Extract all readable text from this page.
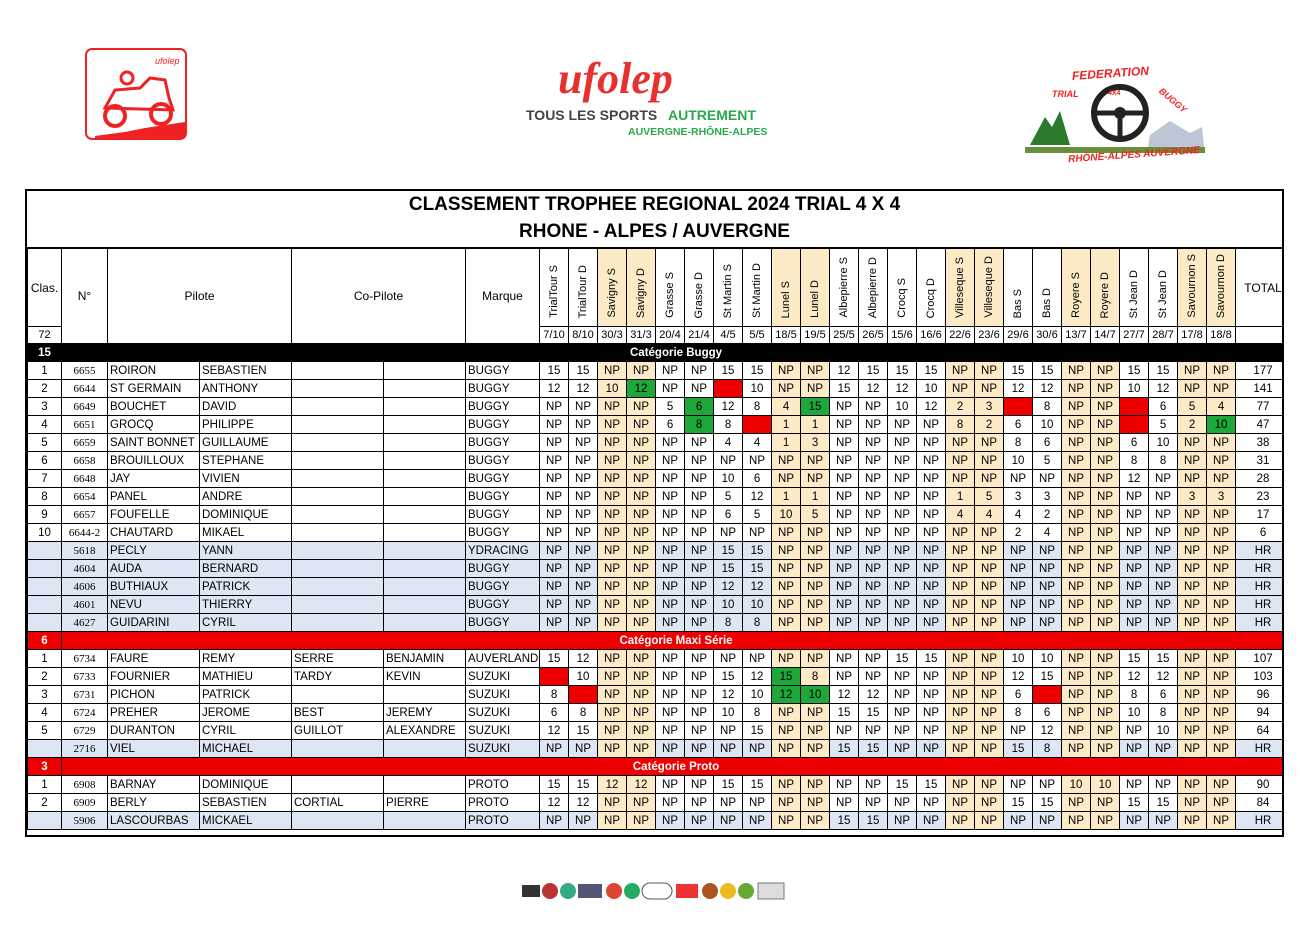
ufolep	ufolep
TOUS LES SPORTS AUTREMENT
AUVERGNE-RHÔNE-ALPES
FEDERATION
TRIAL	BUGGY
4X4
RHÔNE-ALPES AUVERGNE
CLASSEMENT TROPHEE REGIONAL 2024 TRIAL 4 X 4
RHONE - ALPES / AUVERGNE
Clas.	N°	Pilote		Co-Pilote		Marque	TrialTour S	TrialTour D	Savigny S	Savigny D	Grasse S	Grasse D	St Martin S	St Martin D	Lunel S	Lunel D	Albepierre S	Albepierre D	Crocq S	Crocq D	Villeseque S	Villeseque D	Bas S	Bas D	Royere S	Royere D	St Jean D	St Jean D	Savournon S	Savournon D	TOTAL
72							7/10	8/10	30/3	31/3	20/4	21/4	4/5	5/5	18/5	19/5	25/5	26/5	15/6	16/6	22/6	23/6	29/6	30/6	13/7	14/7	27/7	28/7	17/8	18/8	
15	Catégorie Buggy																														
1	6655	ROIRON	SEBASTIEN			BUGGY	15	15	NP	NP	NP	NP	15	15	NP	NP	12	15	15	15	NP	NP	15	15	NP	NP	15	15	NP	NP	177
2	6644	ST GERMAIN	ANTHONY			BUGGY	12	12	10	12	NP	NP	3	10	NP	NP	15	12	12	10	NP	NP	12	12	NP	NP	10	12	NP	NP	141
3	6649	BOUCHET	DAVID			BUGGY	NP	NP	NP	NP	5	6	12	8	4	15	NP	NP	10	12	2	3	5	8	NP	NP	5	6	5	4	77
4	6651	GROCQ	PHILIPPE			BUGGY	NP	NP	NP	NP	6	8	8	3	1	1	NP	NP	NP	NP	8	2	6	10	NP	NP	4	5	2	10	47
5	6659	SAINT BONNET	GUILLAUME			BUGGY	NP	NP	NP	NP	NP	NP	4	4	1	3	NP	NP	NP	NP	NP	NP	8	6	NP	NP	6	10	NP	NP	38
6	6658	BROUILLOUX	STEPHANE			BUGGY	NP	NP	NP	NP	NP	NP	NP	NP	NP	NP	NP	NP	NP	NP	NP	NP	10	5	NP	NP	8	8	NP	NP	31
7	6648	JAY	VIVIEN			BUGGY	NP	NP	NP	NP	NP	NP	10	6	NP	NP	NP	NP	NP	NP	NP	NP	NP	NP	NP	NP	12	NP	NP	NP	28
8	6654	PANEL	ANDRE			BUGGY	NP	NP	NP	NP	NP	NP	5	12	1	1	NP	NP	NP	NP	1	5	3	3	NP	NP	NP	NP	3	3	23
9	6657	FOUFELLE	DOMINIQUE			BUGGY	NP	NP	NP	NP	NP	NP	6	5	10	5	NP	NP	NP	NP	4	4	4	2	NP	NP	NP	NP	NP	NP	17
10	6644-2	CHAUTARD	MIKAEL			BUGGY	NP	NP	NP	NP	NP	NP	NP	NP	NP	NP	NP	NP	NP	NP	NP	NP	2	4	NP	NP	NP	NP	NP	NP	6
	5618	PECLY	YANN			YDRACING	NP	NP	NP	NP	NP	NP	15	15	NP	NP	NP	NP	NP	NP	NP	NP	NP	NP	NP	NP	NP	NP	NP	NP	HR
	4604	AUDA	BERNARD			BUGGY	NP	NP	NP	NP	NP	NP	15	15	NP	NP	NP	NP	NP	NP	NP	NP	NP	NP	NP	NP	NP	NP	NP	NP	HR
	4606	BUTHIAUX	PATRICK			BUGGY	NP	NP	NP	NP	NP	NP	12	12	NP	NP	NP	NP	NP	NP	NP	NP	NP	NP	NP	NP	NP	NP	NP	NP	HR
	4601	NEVU	THIERRY			BUGGY	NP	NP	NP	NP	NP	NP	10	10	NP	NP	NP	NP	NP	NP	NP	NP	NP	NP	NP	NP	NP	NP	NP	NP	HR
	4627	GUIDARINI	CYRIL			BUGGY	NP	NP	NP	NP	NP	NP	8	8	NP	NP	NP	NP	NP	NP	NP	NP	NP	NP	NP	NP	NP	NP	NP	NP	HR
6	Catégorie Maxi Série																														
1	6734	FAURE	REMY	SERRE	BENJAMIN	AUVERLAND	15	12	NP	NP	NP	NP	NP	NP	NP	NP	NP	NP	15	15	NP	NP	10	10	NP	NP	15	15	NP	NP	107
2	6733	FOURNIER	MATHIEU	TARDY	KEVIN	SUZUKI	10	10	NP	NP	NP	NP	15	12	15	8	NP	NP	NP	NP	NP	NP	12	15	NP	NP	12	12	NP	NP	103
3	6731	PICHON	PATRICK			SUZUKI	8	6	NP	NP	NP	NP	12	10	12	10	12	12	NP	NP	NP	NP	6	5	NP	NP	8	6	NP	NP	96
4	6724	PREHER	JEROME	BEST	JEREMY	SUZUKI	6	8	NP	NP	NP	NP	10	8	NP	NP	15	15	NP	NP	NP	NP	8	6	NP	NP	10	8	NP	NP	94
5	6729	DURANTON	CYRIL	GUILLOT	ALEXANDRE	SUZUKI	12	15	NP	NP	NP	NP	NP	15	NP	NP	NP	NP	NP	NP	NP	NP	NP	12	NP	NP	NP	10	NP	NP	64
	2716	VIEL	MICHAEL			SUZUKI	NP	NP	NP	NP	NP	NP	NP	NP	NP	NP	15	15	NP	NP	NP	NP	15	8	NP	NP	NP	NP	NP	NP	HR
3	Catégorie Proto																														
1	6908	BARNAY	DOMINIQUE			PROTO	15	15	12	12	NP	NP	15	15	NP	NP	NP	NP	15	15	NP	NP	NP	NP	10	10	NP	NP	NP	NP	90
2	6909	BERLY	SEBASTIEN	CORTIAL	PIERRE	PROTO	12	12	NP	NP	NP	NP	NP	NP	NP	NP	NP	NP	NP	NP	NP	NP	15	15	NP	NP	15	15	NP	NP	84
	5906	LASCOURBAS	MICKAEL			PROTO	NP	NP	NP	NP	NP	NP	NP	NP	NP	NP	15	15	NP	NP	NP	NP	NP	NP	NP	NP	NP	NP	NP	NP	HR
